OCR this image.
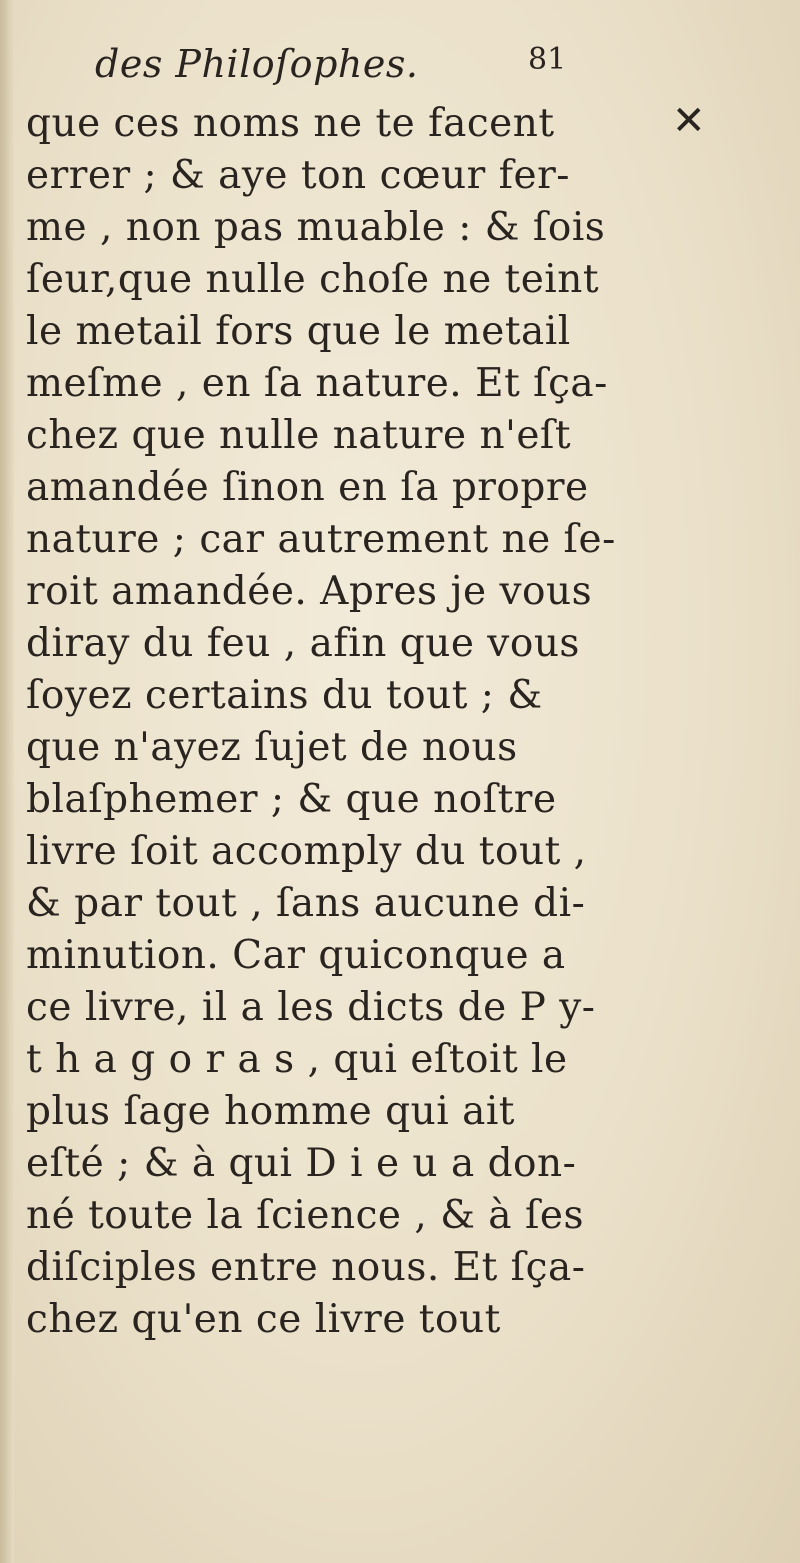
des Philoſophes.	81
✕
que ces noms ne te facent
errer ; & aye ton cœur fer-
me , non pas muable : & ſois
ſeur,que nulle choſe ne teint
le metail fors que le metail
meſme , en ſa nature. Et ſça-
chez que nulle nature n'eſt
amandée ſinon en ſa propre
nature ; car autrement ne ſe-
roit amandée. Apres je vous
diray du feu , afin que vous
ſoyez certains du tout ; &
que n'ayez ſujet de nous
blaſphemer ; & que noſtre
livre ſoit accomply du tout ,
& par tout , ſans aucune di-
minution. Car quiconque a
ce livre, il a les dicts de P y-
t h a g o r a s , qui eſtoit le
plus ſage homme qui ait
eſté ; & à qui D i e u a don-
né toute la ſcience , & à ſes
diſciples entre nous. Et ſça-
chez qu'en ce livre tout
